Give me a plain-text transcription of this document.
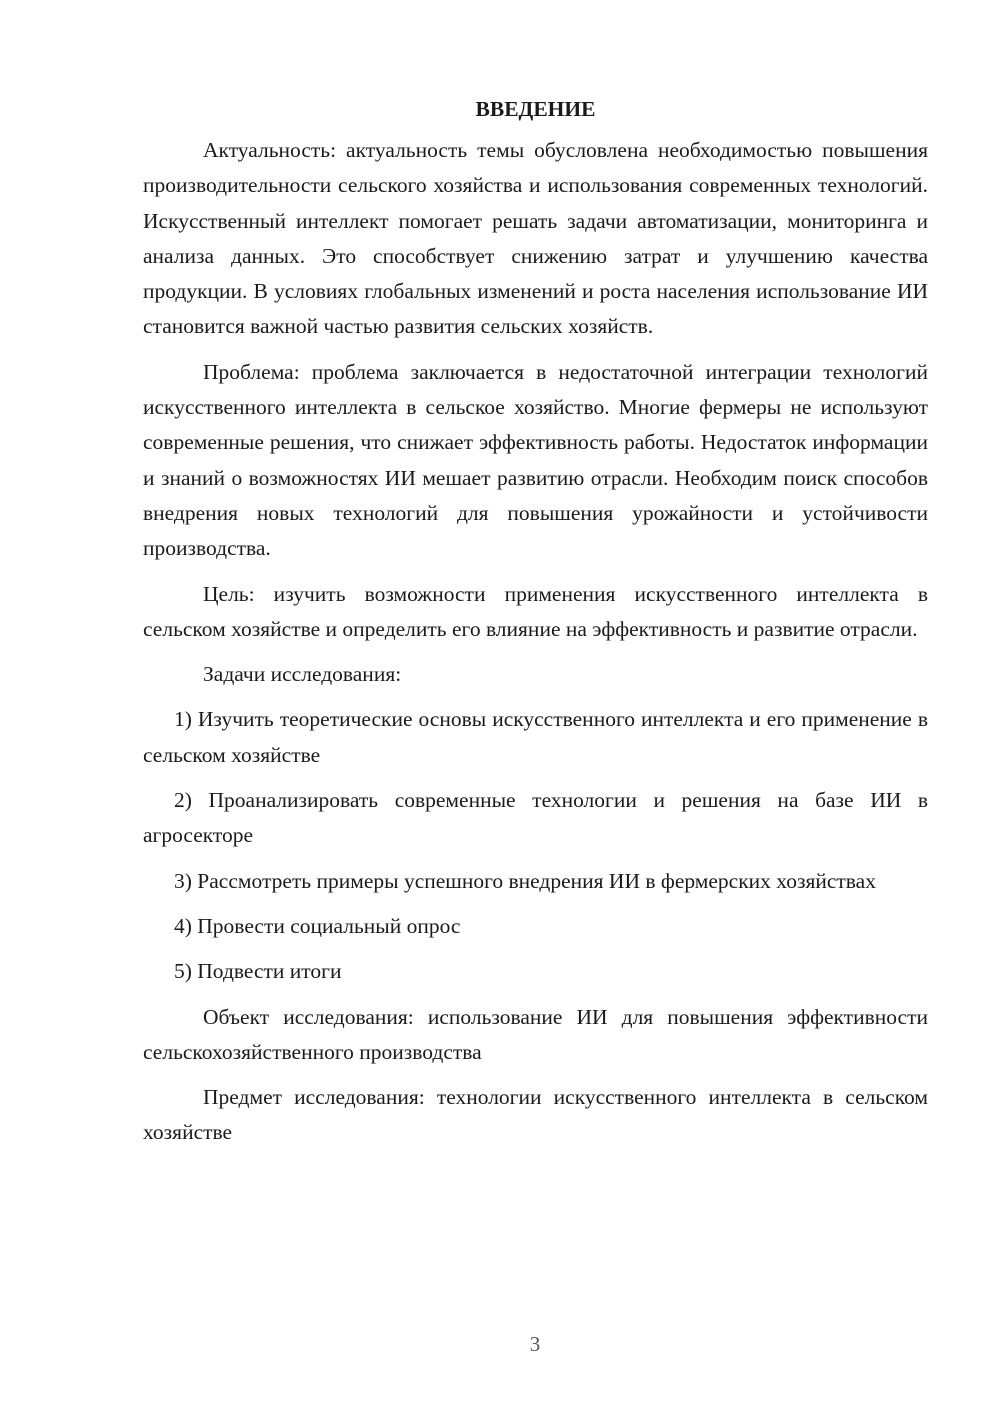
ВВЕДЕНИЕ

Актуальность: актуальность темы обусловлена необходимостью повышения производительности сельского хозяйства и использования современных технологий. Искусственный интеллект помогает решать задачи автоматизации, мониторинга и анализа данных. Это способствует снижению затрат и улучшению качества продукции. В условиях глобальных изменений и роста населения использование ИИ становится важной частью развития сельских хозяйств.

Проблема: проблема заключается в недостаточной интеграции технологий искусственного интеллекта в сельское хозяйство. Многие фермеры не используют современные решения, что снижает эффективность работы. Недостаток информации и знаний о возможностях ИИ мешает развитию отрасли. Необходим поиск способов внедрения новых технологий для повышения урожайности и устойчивости производства.

Цель: изучить возможности применения искусственного интеллекта в сельском хозяйстве и определить его влияние на эффективность и развитие отрасли.

Задачи исследования:

1) Изучить теоретические основы искусственного интеллекта и его применение в сельском хозяйстве

2) Проанализировать современные технологии и решения на базе ИИ в агросекторе

3) Рассмотреть примеры успешного внедрения ИИ в фермерских хозяйствах

4) Провести социальный опрос

5) Подвести итоги

Объект исследования: использование ИИ для повышения эффективности сельскохозяйственного производства

Предмет исследования: технологии искусственного интеллекта в сельском хозяйстве

3
